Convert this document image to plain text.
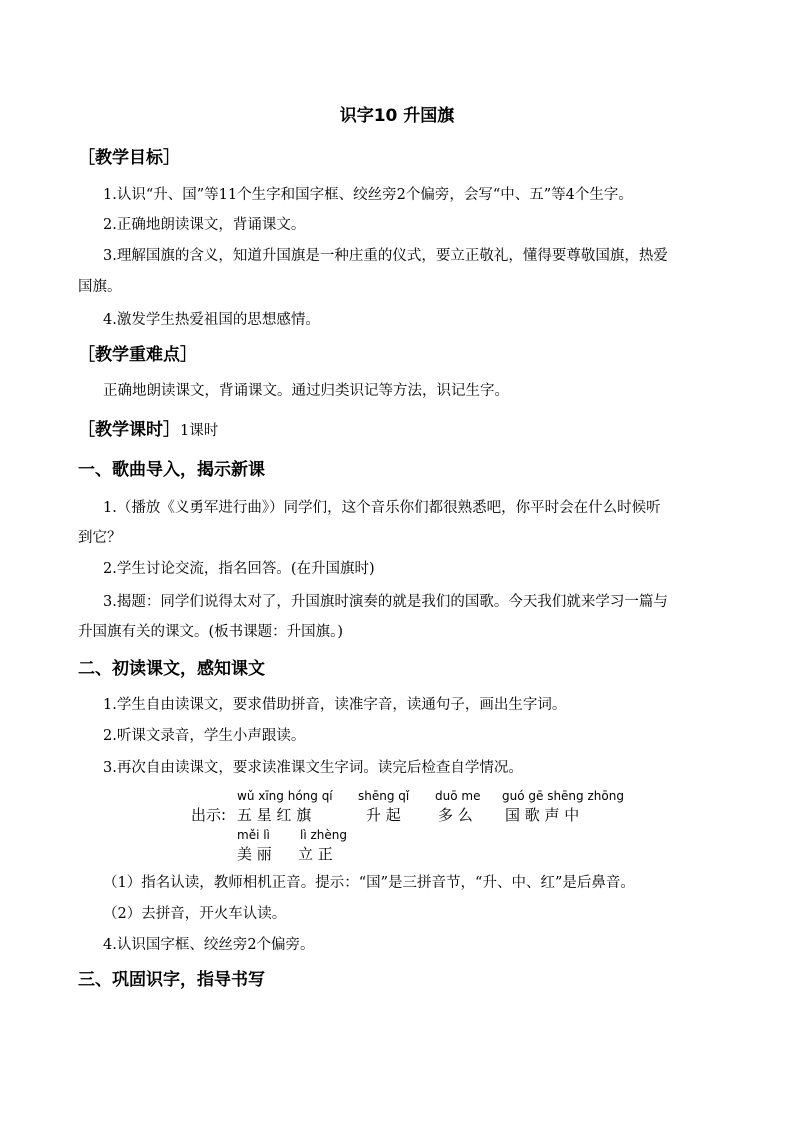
识字10 升国旗
［教学目标］
1.认识“升、国”等11个生字和国字框、绞丝旁2个偏旁，会写“中、五”等4个生字。
2.正确地朗读课文，背诵课文。
3.理解国旗的含义，知道升国旗是一种庄重的仪式，要立正敬礼，懂得要尊敬国旗，热爱
国旗。
4.激发学生热爱祖国的思想感情。
［教学重难点］
正确地朗读课文，背诵课文。通过归类识记等方法，识记生字。
［教学课时］1课时
一、歌曲导入，揭示新课
1.（播放《义勇军进行曲》）同学们，这个音乐你们都很熟悉吧，你平时会在什么时候听
到它？
2.学生讨论交流，指名回答。(在升国旗时)
3.揭题：同学们说得太对了，升国旗时演奏的就是我们的国歌。今天我们就来学习一篇与
升国旗有关的课文。(板书课题：升国旗。)
二、初读课文，感知课文
1.学生自由读课文，要求借助拼音，读准字音，读通句子，画出生字词。
2.听课文录音，学生小声跟读。
3.再次自由读课文，要求读准课文生字词。读完后检查自学情况。
wǔ xīng hóng qí shēng qǐ duō me guó gē shēng zhōng
出示: 五 星 红 旗	升 起 多 么 国 歌 声 中
měi lì	lì zhèng
美 丽 立 正
（1）指名认读，教师相机正音。提示：“国”是三拼音节，“升、中、红”是后鼻音。
（2）去拼音，开火车认读。
4.认识国字框、绞丝旁2个偏旁。
三、巩固识字，指导书写
